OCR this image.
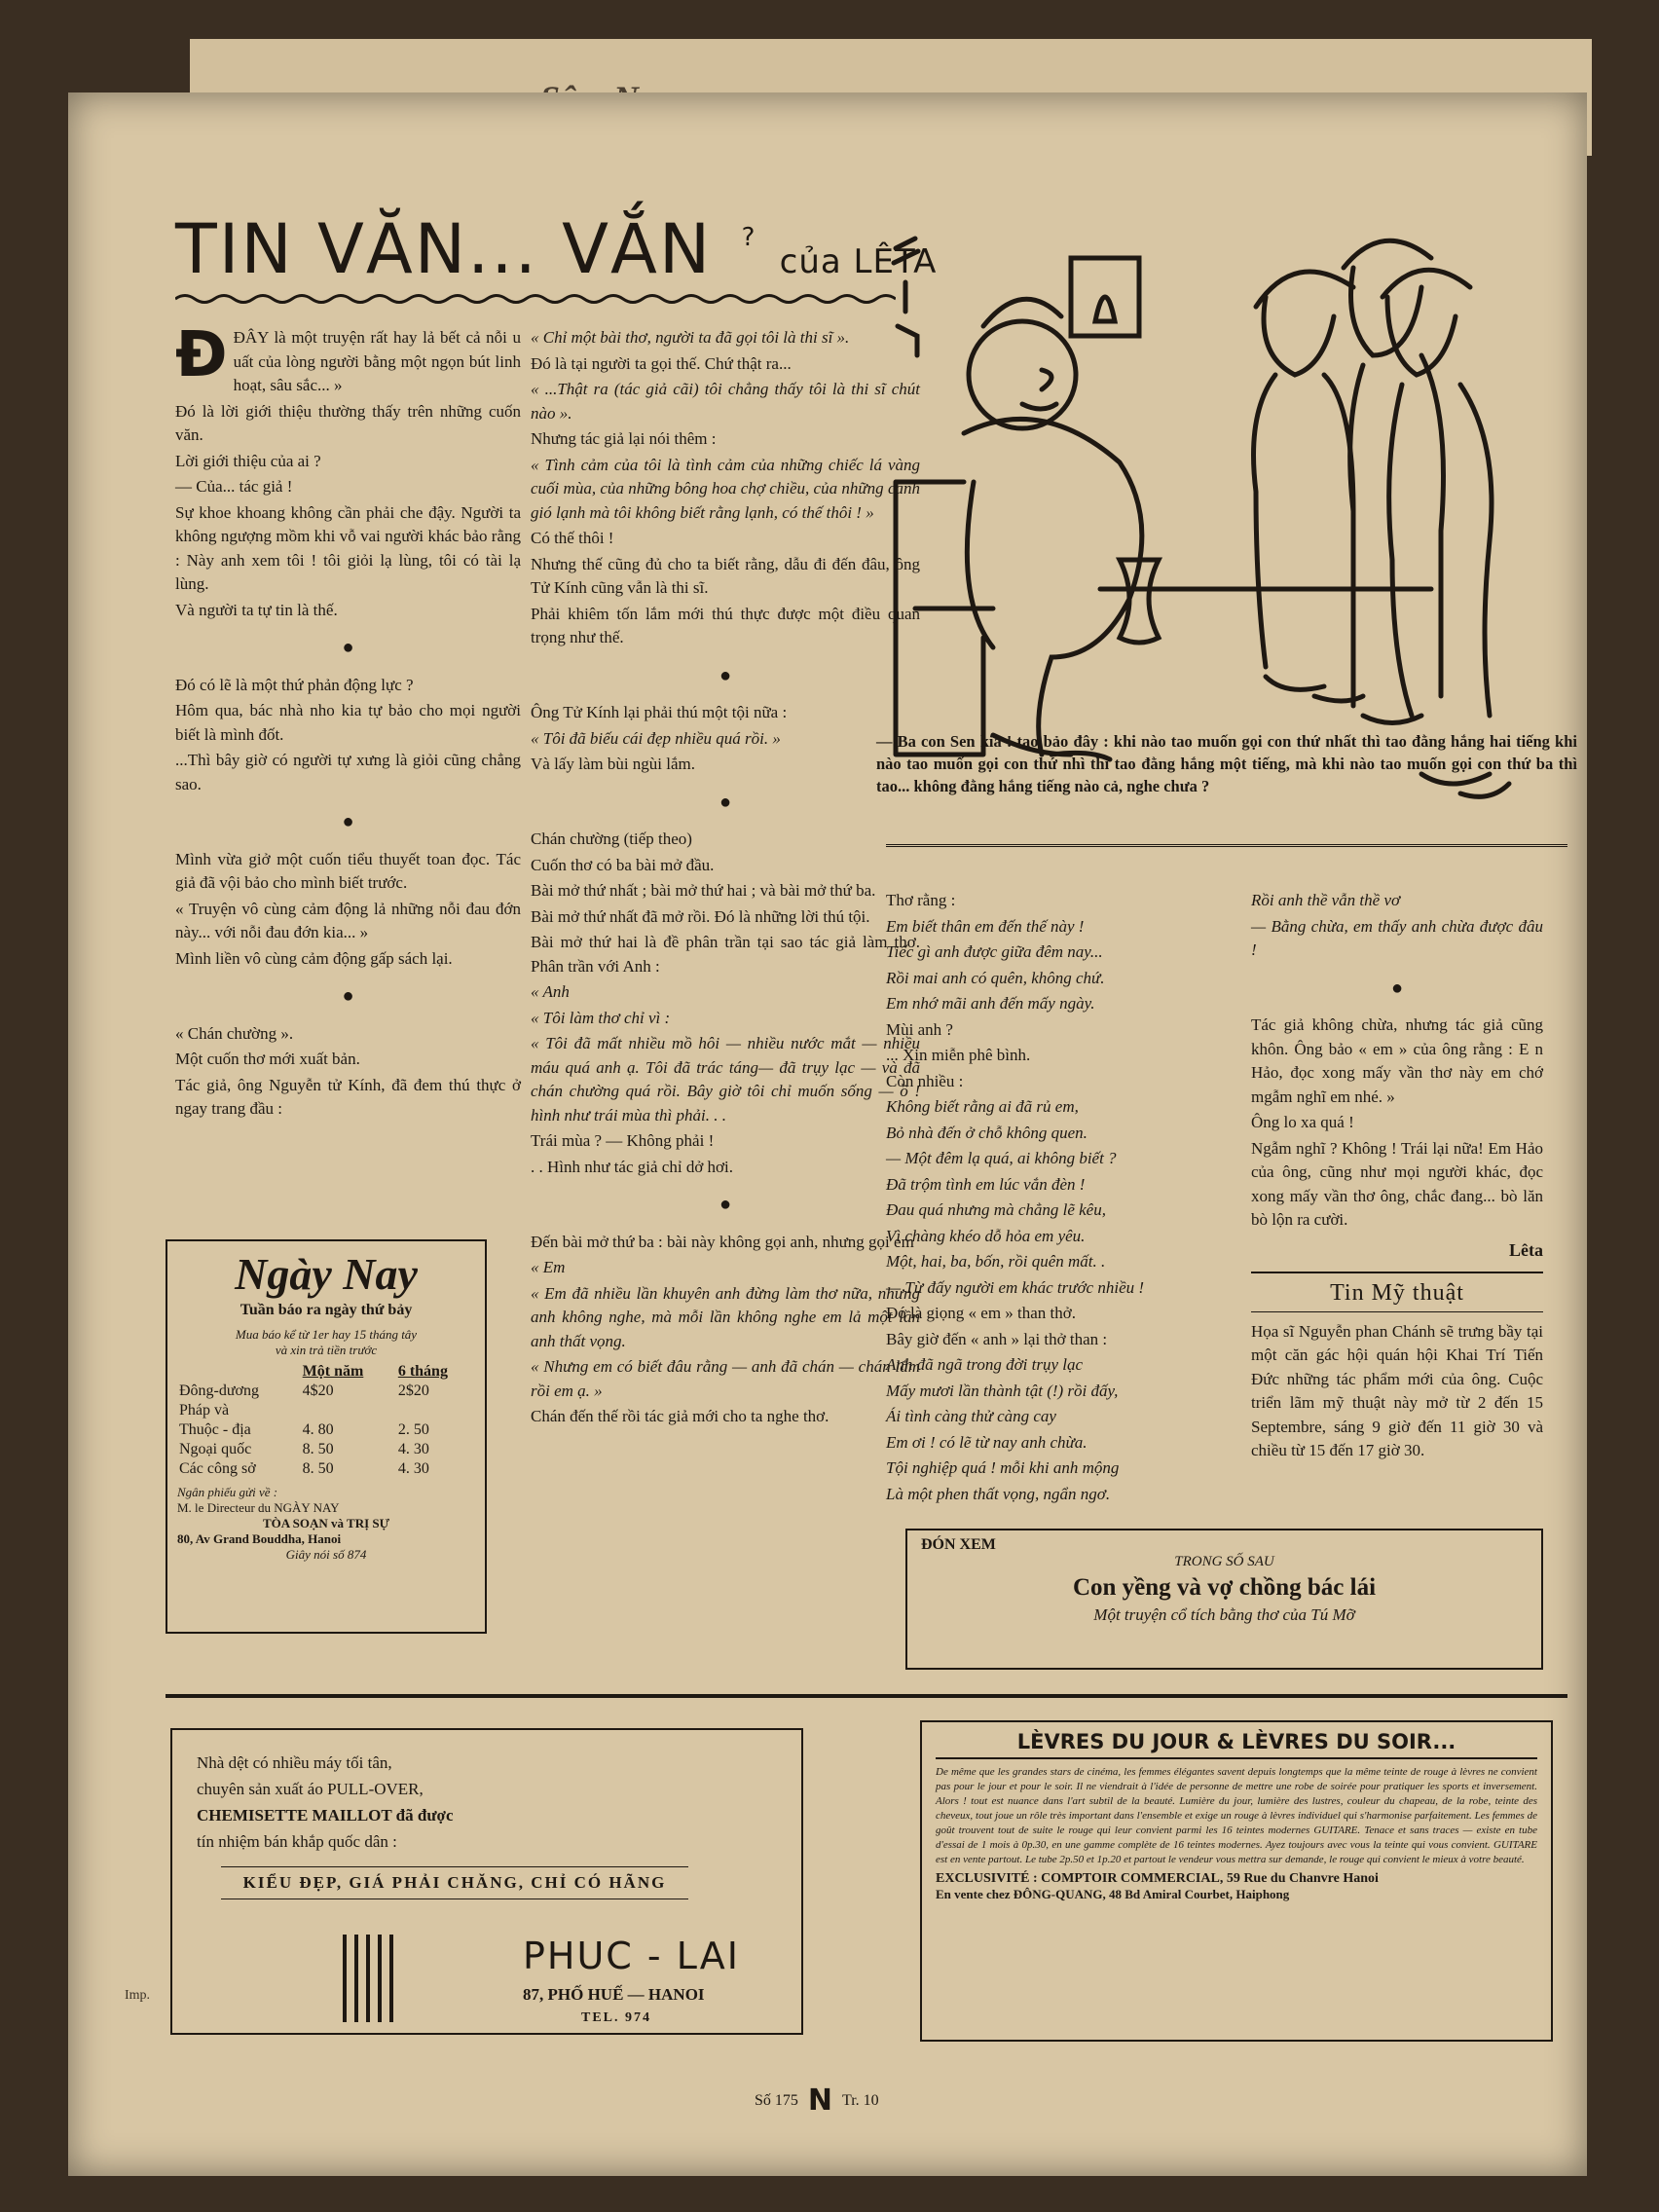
TIN VĂN... VẮN ? của LÊTA

ĐĐÂY là một truyện rất hay lả bết cả nỗi u uất của lòng người bằng một ngọn bút linh hoạt, sâu sắc... »

Đó là lời giới thiệu thường thấy trên những cuốn văn.

Lời giới thiệu của ai ?

— Của... tác giả !

Sự khoe khoang không cần phải che đậy. Người ta không ngượng mồm khi vỗ vai người khác bảo rằng : Này anh xem tôi ! tôi giỏi lạ lùng, tôi có tài lạ lùng.

Và người ta tự tin là thế.

●

Đó có lẽ là một thứ phản động lực ?

Hôm qua, bác nhà nho kia tự bảo cho mọi người biết là mình đốt.

...Thì bây giờ có người tự xưng là giỏi cũng chẳng sao.

●

Mình vừa giở một cuốn tiểu thuyết toan đọc. Tác giả đã vội bảo cho mình biết trước.

« Truyện vô cùng cảm động lả những nỗi đau đớn này... với nỗi đau đớn kia... »

Mình liền vô cùng cảm động gấp sách lại.

●

« Chán chường ».

Một cuốn thơ mới xuất bản.

Tác giả, ông Nguyễn tử Kính, đã đem thú thực ở ngay trang đầu :

Ngày Nay
Tuần báo ra ngày thứ bảy
Mua báo kể từ 1er hay 15 tháng tây
và xin trả tiền trước
	Một năm	6 tháng
Đông-dương	4$20	2$20
Pháp và		
Thuộc - địa	4. 80	2. 50
Ngoại quốc	8. 50	4. 30
Các công sở	8. 50	4. 30
Ngân phiếu gửi về :
M. le Directeur du NGÀY NAY
TÒA SOẠN và TRỊ SỰ
80, Av Grand Bouddha, Hanoi
Giây nói số 874

« Chỉ một bài thơ, người ta đã gọi tôi là thi sĩ ».

Đó là tại người ta gọi thế. Chứ thật ra...

« ...Thật ra (tác giả cãi) tôi chẳng thấy tôi là thi sĩ chút nào ».

Nhưng tác giả lại nói thêm :

« Tình cảm của tôi là tình cảm của những chiếc lá vàng cuối mùa, của những bông hoa chợ chiều, của những cánh gió lạnh mà tôi không biết rằng lạnh, có thế thôi ! »

Có thế thôi !

Nhưng thế cũng đủ cho ta biết rằng, dẫu đi đến đâu, ông Tử Kính cũng vẫn là thi sĩ.

Phải khiêm tốn lắm mới thú thực được một điều quan trọng như thế.

●

Ông Tử Kính lại phải thú một tội nữa :

« Tôi đã biếu cái đẹp nhiều quá rồi. »

Và lấy làm bùi ngùi lắm.

●

Chán chường (tiếp theo)

Cuốn thơ có ba bài mở đầu.

Bài mở thứ nhất ; bài mở thứ hai ; và bài mở thứ ba.

Bài mở thứ nhất đã mở rồi. Đó là những lời thú tội.

Bài mở thứ hai là đề phân trần tại sao tác giả làm thơ. Phân trần với Anh :

« Anh

« Tôi làm thơ chỉ vì :

« Tôi đã mất nhiều mồ hôi — nhiều nước mắt — nhiều máu quá anh ạ. Tôi đã trác táng— đã trụy lạc — và đã chán chường quá rồi. Bây giờ tôi chỉ muốn sống — ồ ! hình như trái mùa thì phải. . .

Trái mùa ? — Không phải !

. . Hình như tác giả chỉ dở hơi.

●

Đến bài mở thứ ba : bài này không gọi anh, nhưng gọi em

« Em

« Em đã nhiều lần khuyên anh đừng làm thơ nữa, nhưng anh không nghe, mà mỗi lần không nghe em lả một lần anh thất vọng.

« Nhưng em có biết đâu rằng — anh đã chán — chán lắm rồi em ạ. »

Chán đến thế rồi tác giả mới cho ta nghe thơ.

— Ba con Sen kia ! tao bảo đây : khi nào tao muốn gọi con thứ nhất thì tao đằng hắng hai tiếng khi nào tao muốn gọi con thứ nhì thì tao đằng hắng một tiếng, mà khi nào tao muốn gọi con thứ ba thì tao... không đằng hắng tiếng nào cả, nghe chưa ?

Thơ rằng :

Em biết thân em đến thế này !

Tiếc gì anh được giữa đêm nay...

Rồi mai anh có quên, không chứ.

Em nhớ mãi anh đến mấy ngày.

Mùi anh ?

... Xin miễn phê bình.

Còn nhiều :

Không biết rằng ai đã rủ em,

Bỏ nhà đến ở chỗ không quen.

— Một đêm lạ quá, ai không biết ?

Đã trộm tình em lúc vắn đèn !

Đau quá nhưng mà chẳng lẽ kêu,

Vì chàng khéo dỗ hỏa em yêu.

Một, hai, ba, bốn, rồi quên mất. .

— Từ đấy người em khác trước nhiều !

Đó là giọng « em » than thở.

Bây giờ đến « anh » lại thở than :

Anh đã ngã trong đời trụy lạc

Mấy mươi lần thành tật (!) rồi đấy,

Ái tình càng thử càng cay

Em ơi ! có lẽ từ nay anh chừa.

Tội nghiệp quá ! mỗi khi anh mộng

Là một phen thất vọng, ngẩn ngơ.

Rồi anh thề vẫn thề vơ

— Bằng chừa, em thấy anh chừa được đâu !

●

Tác giả không chừa, nhưng tác giả cũng khôn. Ông bảo « em » của ông rằng : E n Hảo, đọc xong mấy vần thơ này em chớ mgẫm nghĩ em nhé. »

Ông lo xa quá !

Ngẫm nghĩ ? Không ! Trái lại nữa! Em Hảo của ông, cũng như mọi người khác, đọc xong mấy vần thơ ông, chắc đang... bò lăn bò lộn ra cười.

Lêta
Tin Mỹ thuật

Họa sĩ Nguyễn phan Chánh sẽ trưng bầy tại một căn gác hội quán hội Khai Trí Tiến Đức những tác phẩm mới của ông. Cuộc triển lãm mỹ thuật này mở từ 2 đến 15 Septembre, sáng 9 giờ đến 11 giờ 30 và chiều từ 15 đến 17 giờ 30.

ĐÓN XEM
TRONG SỐ SAU
Con yềng và vợ chồng bác lái
Một truyện cổ tích bằng thơ của Tú Mỡ
Nhà dệt có nhiều máy tối tân,
chuyên sản xuất áo PULL-OVER,
CHEMISETTE MAILLOT đã được
tín nhiệm bán khắp quốc dân :
KIỂU ĐẸP, GIÁ PHẢI CHĂNG, CHỈ CÓ HÃNG
PHUC - LAI
87, PHỐ HUẾ — HANOI
TEL. 974
LÈVRES DU JOUR & LÈVRES DU SOIR...
De même que les grandes stars de cinéma, les femmes élégantes savent depuis longtemps que la même teinte de rouge à lèvres ne convient pas pour le jour et pour le soir. Il ne viendrait à l'idée de personne de mettre une robe de soirée pour pratiquer les sports et inversement. Alors ! tout est nuance dans l'art subtil de la beauté. Lumière du jour, lumière des lustres, couleur du chapeau, de la robe, teinte des cheveux, tout joue un rôle très important dans l'ensemble et exige un rouge à lèvres individuel qui s'harmonise parfaitement. Les femmes de goût trouvent tout de suite le rouge qui leur convient parmi les 16 teintes modernes GUITARE. Tenace et sans traces — existe en tube d'essai de 1 mois à 0p.30, en une gamme complète de 16 teintes modernes. Ayez toujours avec vous la teinte qui vous convient. GUITARE est en vente partout. Le tube 2p.50 et 1p.20 et partout le vendeur vous mettra sur demande, le rouge qui convient le mieux à votre beauté.
EXCLUSIVITÉ : COMPTOIR COMMERCIAL, 59 Rue du Chanvre Hanoi
En vente chez ĐÔNG-QUANG, 48 Bd Amiral Courbet, Haiphong
Số 175 N Tr. 10
Imp.
